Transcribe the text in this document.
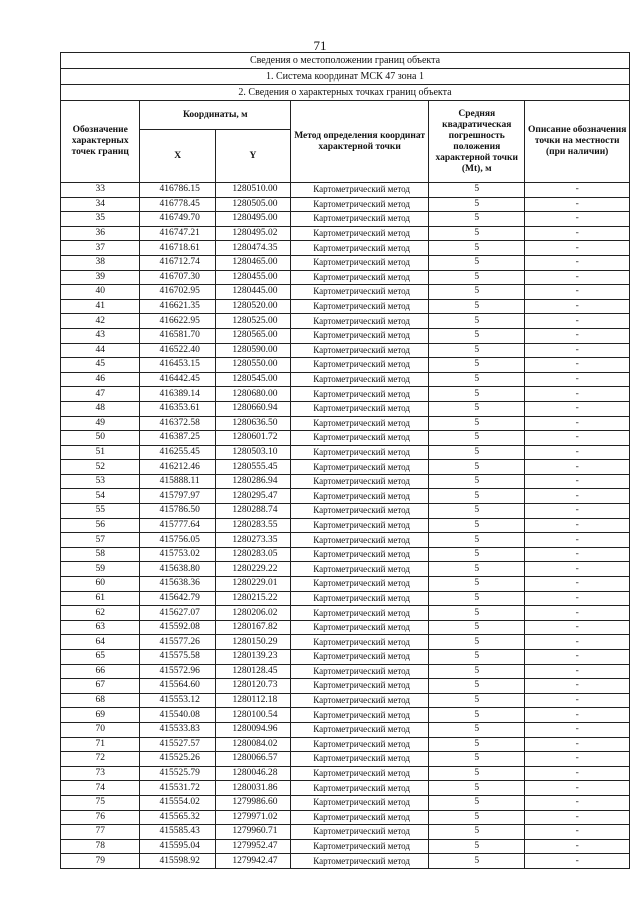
71
Сведения о местоположении границ объекта					
1. Система координат МСК 47 зона 1					
2. Сведения о характерных точках границ объекта					
Обозначение характерных точек границ	Координаты, м		Метод определения координат характерной точки	Средняя квадратическая погрешность положения характерной точки (Mt), м	Описание обозначения точки на местности (при наличии)
	X	Y			
33	416786.15	1280510.00	Картометрический метод	5	-
34	416778.45	1280505.00	Картометрический метод	5	-
35	416749.70	1280495.00	Картометрический метод	5	-
36	416747.21	1280495.02	Картометрический метод	5	-
37	416718.61	1280474.35	Картометрический метод	5	-
38	416712.74	1280465.00	Картометрический метод	5	-
39	416707.30	1280455.00	Картометрический метод	5	-
40	416702.95	1280445.00	Картометрический метод	5	-
41	416621.35	1280520.00	Картометрический метод	5	-
42	416622.95	1280525.00	Картометрический метод	5	-
43	416581.70	1280565.00	Картометрический метод	5	-
44	416522.40	1280590.00	Картометрический метод	5	-
45	416453.15	1280550.00	Картометрический метод	5	-
46	416442.45	1280545.00	Картометрический метод	5	-
47	416389.14	1280680.00	Картометрический метод	5	-
48	416353.61	1280660.94	Картометрический метод	5	-
49	416372.58	1280636.50	Картометрический метод	5	-
50	416387.25	1280601.72	Картометрический метод	5	-
51	416255.45	1280503.10	Картометрический метод	5	-
52	416212.46	1280555.45	Картометрический метод	5	-
53	415888.11	1280286.94	Картометрический метод	5	-
54	415797.97	1280295.47	Картометрический метод	5	-
55	415786.50	1280288.74	Картометрический метод	5	-
56	415777.64	1280283.55	Картометрический метод	5	-
57	415756.05	1280273.35	Картометрический метод	5	-
58	415753.02	1280283.05	Картометрический метод	5	-
59	415638.80	1280229.22	Картометрический метод	5	-
60	415638.36	1280229.01	Картометрический метод	5	-
61	415642.79	1280215.22	Картометрический метод	5	-
62	415627.07	1280206.02	Картометрический метод	5	-
63	415592.08	1280167.82	Картометрический метод	5	-
64	415577.26	1280150.29	Картометрический метод	5	-
65	415575.58	1280139.23	Картометрический метод	5	-
66	415572.96	1280128.45	Картометрический метод	5	-
67	415564.60	1280120.73	Картометрический метод	5	-
68	415553.12	1280112.18	Картометрический метод	5	-
69	415540.08	1280100.54	Картометрический метод	5	-
70	415533.83	1280094.96	Картометрический метод	5	-
71	415527.57	1280084.02	Картометрический метод	5	-
72	415525.26	1280066.57	Картометрический метод	5	-
73	415525.79	1280046.28	Картометрический метод	5	-
74	415531.72	1280031.86	Картометрический метод	5	-
75	415554.02	1279986.60	Картометрический метод	5	-
76	415565.32	1279971.02	Картометрический метод	5	-
77	415585.43	1279960.71	Картометрический метод	5	-
78	415595.04	1279952.47	Картометрический метод	5	-
79	415598.92	1279942.47	Картометрический метод	5	-
